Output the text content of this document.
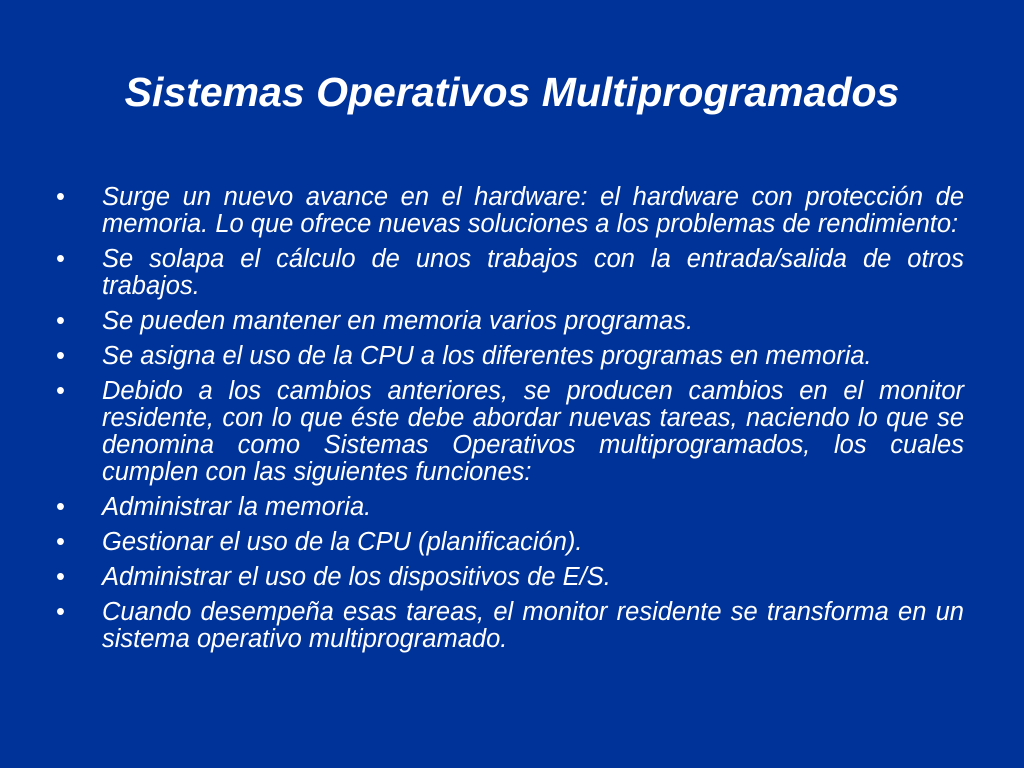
Sistemas Operativos Multiprogramados
• Surge un nuevo avance en el hardware: el hardware con protección de memoria. Lo que ofrece nuevas soluciones a los problemas de rendimiento:
• Se solapa el cálculo de unos trabajos con la entrada/salida de otros trabajos.
• Se pueden mantener en memoria varios programas.
• Se asigna el uso de la CPU a los diferentes programas en memoria.
• Debido a los cambios anteriores, se producen cambios en el monitor residente, con lo que éste debe abordar nuevas tareas, naciendo lo que se denomina como Sistemas Operativos multiprogramados, los cuales cumplen con las siguientes funciones:
• Administrar la memoria.
• Gestionar el uso de la CPU (planificación).
• Administrar el uso de los dispositivos de E/S.
• Cuando desempeña esas tareas, el monitor residente se transforma en un sistema operativo multiprogramado.
